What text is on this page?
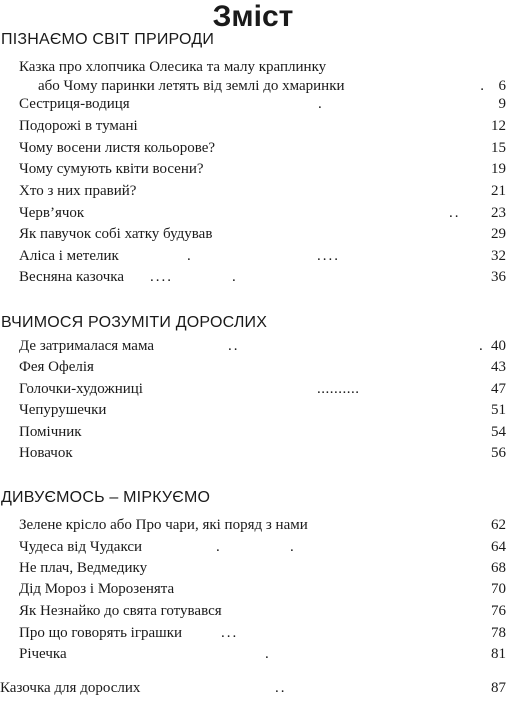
Зміст
ПІЗНАЄМО СВІТ ПРИРОДИ
Казка про хлопчика Олесика та малу краплинку
або Чому паринки летять від землі до хмаринки	. 6
Сестриця-водиця	.	9
Подорожі в тумані	12
Чому восени листя кольорове?	15
Чому сумують квіти восени?	19
Хто з них правий?	21
Черв’ячок	.. 23
Як павучок собі хатку будував	29
Аліса і метелик	.	....	32
Весняна казочка ....	.	36
ВЧИМОСЯ РОЗУМІТИ ДОРОСЛИХ
Де затрималася мама	..	. 40
Фея Офелія	43
Голочки-художниці	..........	47
Чепурушечки	51
Помічник	54
Новачок	56
ДИВУЄМОСЬ – МІРКУЄМО
Зелене крісло або Про чари, які поряд з нами	62
Чудеса від Чудакси	.	.	64
Не плач, Ведмедику	68
Дід Мороз і Морозенята	70
Як Незнайко до свята готувався	76
Про що говорять іграшки	...	78
Річечка	.	81
Казочка для дорослих	..	87
